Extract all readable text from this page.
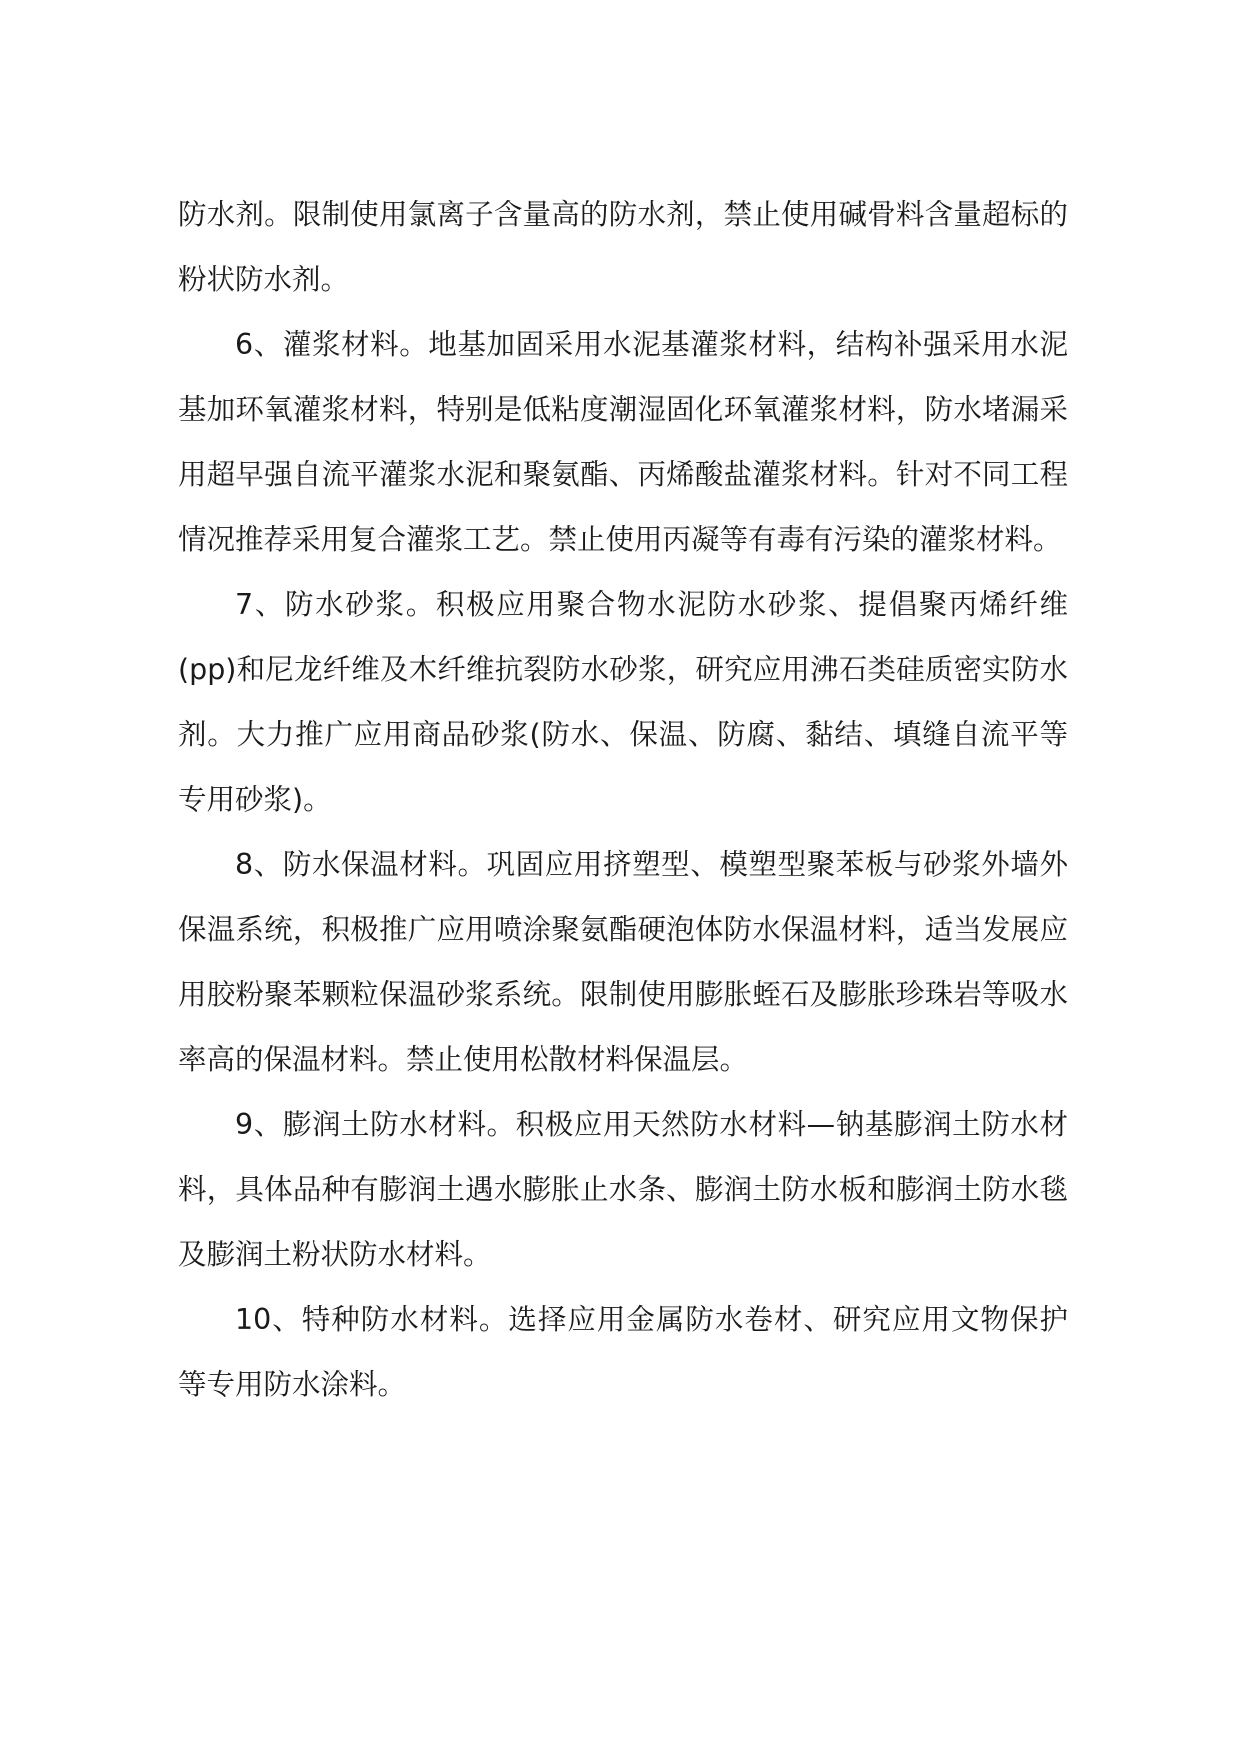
防水剂。限制使用氯离子含量高的防水剂，禁止使用碱骨料含量超标的粉状防水剂。

6、灌浆材料。地基加固采用水泥基灌浆材料，结构补强采用水泥基加环氧灌浆材料，特别是低粘度潮湿固化环氧灌浆材料，防水堵漏采用超早强自流平灌浆水泥和聚氨酯、丙烯酸盐灌浆材料。针对不同工程情况推荐采用复合灌浆工艺。禁止使用丙凝等有毒有污染的灌浆材料。

7、防水砂浆。积极应用聚合物水泥防水砂浆、提倡聚丙烯纤维(pp)和尼龙纤维及木纤维抗裂防水砂浆，研究应用沸石类硅质密实防水剂。大力推广应用商品砂浆(防水、保温、防腐、黏结、填缝自流平等专用砂浆)。

8、防水保温材料。巩固应用挤塑型、模塑型聚苯板与砂浆外墙外保温系统，积极推广应用喷涂聚氨酯硬泡体防水保温材料，适当发展应用胶粉聚苯颗粒保温砂浆系统。限制使用膨胀蛭石及膨胀珍珠岩等吸水率高的保温材料。禁止使用松散材料保温层。

9、膨润土防水材料。积极应用天然防水材料—钠基膨润土防水材料，具体品种有膨润土遇水膨胀止水条、膨润土防水板和膨润土防水毯及膨润土粉状防水材料。

10、特种防水材料。选择应用金属防水卷材、研究应用文物保护等专用防水涂料。
